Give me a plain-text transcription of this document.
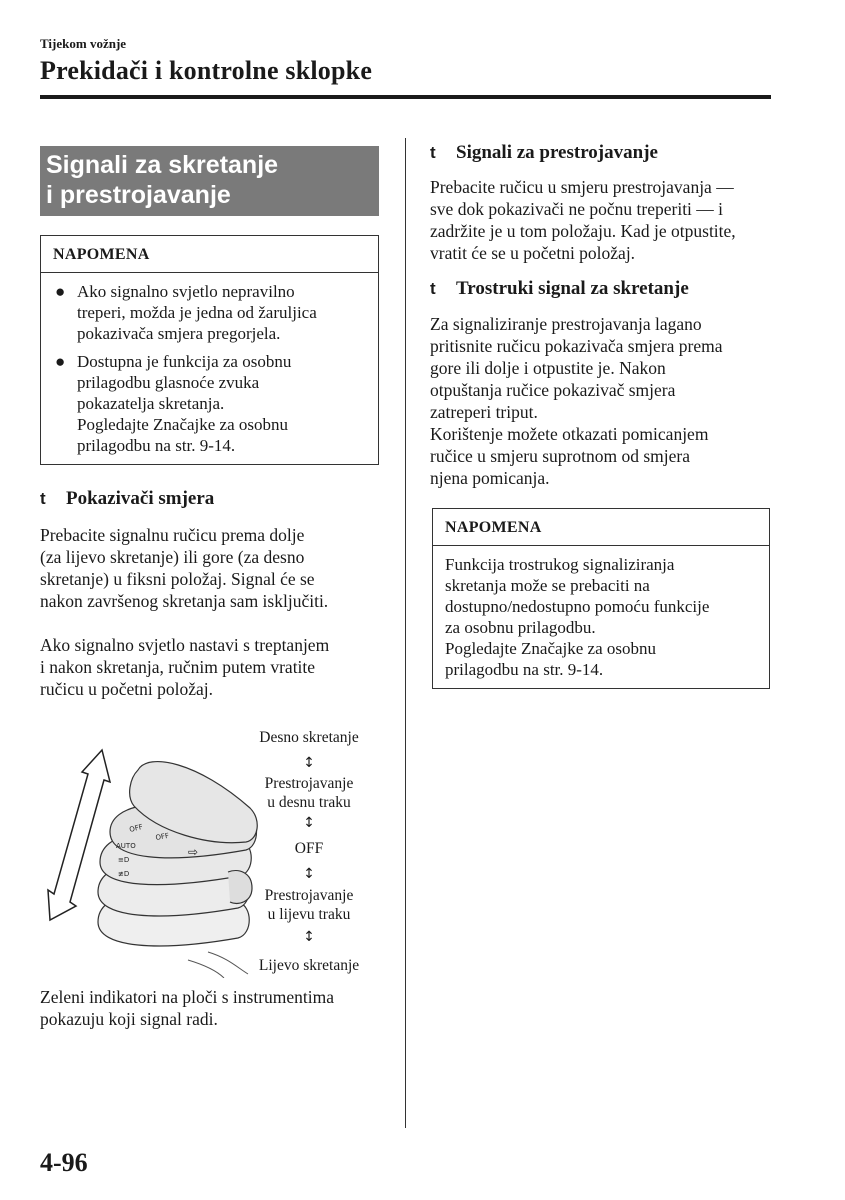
Tijekom vožnje
Prekidači i kontrolne sklopke
Signali za skretanje
i prestrojavanje
NAPOMENA
● Ako signalno svjetlo nepravilno
treperi, možda je jedna od žaruljica
pokazivača smjera pregorjela.
● Dostupna je funkcija za osobnu
prilagodbu glasnoće zvuka
pokazatelja skretanja.
Pogledajte Značajke za osobnu
prilagodbu na str. 9-14.
t	Pokazivači smjera
Prebacite signalnu ručicu prema dolje
(za lijevo skretanje) ili gore (za desno
skretanje) u fiksni položaj. Signal će se
nakon završenog skretanja sam isključiti.
Ako signalno svjetlo nastavi s treptanjem
i nakon skretanja, ručnim putem vratite
ručicu u početni položaj.
OFF
OFF
AUTO
≡D
≢D
⇨
Desno skretanje
↕
Prestrojavanje
u desnu traku
↕
OFF
↕
Prestrojavanje
u lijevu traku
↕
Lijevo skretanje
Zeleni indikatori na ploči s instrumentima
pokazuju koji signal radi.
t	Signali za prestrojavanje
Prebacite ručicu u smjeru prestrojavanja —
sve dok pokazivači ne počnu treperiti — i
zadržite je u tom položaju. Kad je otpustite,
vratit će se u početni položaj.
t	Trostruki signal za skretanje
Za signaliziranje prestrojavanja lagano
pritisnite ručicu pokazivača smjera prema
gore ili dolje i otpustite je. Nakon
otpuštanja ručice pokazivač smjera
zatreperi triput.
Korištenje možete otkazati pomicanjem
ručice u smjeru suprotnom od smjera
njena pomicanja.
NAPOMENA
Funkcija trostrukog signaliziranja
skretanja može se prebaciti na
dostupno/nedostupno pomoću funkcije
za osobnu prilagodbu.
Pogledajte Značajke za osobnu
prilagodbu na str. 9-14.
4-96
